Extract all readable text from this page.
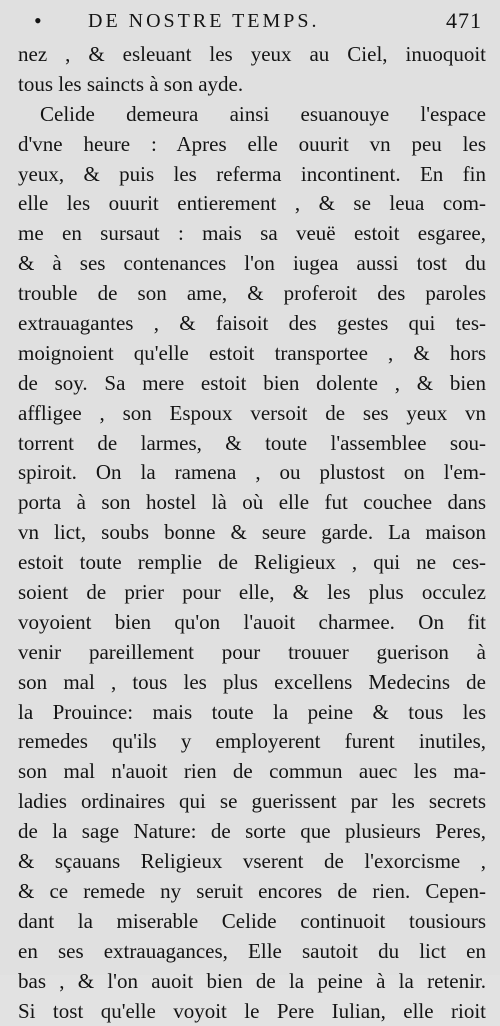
• DE NOSTRE TEMPS.	471
nez , & esleuant les yeux au Ciel, inuoquoit
tous les saincts à son ayde.
Celide demeura ainsi esuanouye l'espace
d'vne heure : Apres elle ouurit vn peu les
yeux, & puis les referma incontinent. En fin
elle les ouurit entierement , & se leua com-
me en sursaut : mais sa veuë estoit esgaree,
& à ses contenances l'on iugea aussi tost du
trouble de son ame, & proferoit des paroles
extrauagantes , & faisoit des gestes qui tes-
moignoient qu'elle estoit transportee , & hors
de soy. Sa mere estoit bien dolente , & bien
affligee , son Espoux versoit de ses yeux vn
torrent de larmes, & toute l'assemblee sou-
spiroit. On la ramena , ou plustost on l'em-
porta à son hostel là où elle fut couchee dans
vn lict, soubs bonne & seure garde. La maison
estoit toute remplie de Religieux , qui ne ces-
soient de prier pour elle, & les plus occulez
voyoient bien qu'on l'auoit charmee. On fit
venir pareillement pour trouuer guerison à
son mal , tous les plus excellens Medecins de
la Prouince: mais toute la peine & tous les
remedes qu'ils y employerent furent inutiles,
son mal n'auoit rien de commun auec les ma-
ladies ordinaires qui se guerissent par les secrets
de la sage Nature: de sorte que plusieurs Peres,
& sçauans Religieux vserent de l'exorcisme ,
& ce remede ny seruit encores de rien. Cepen-
dant la miserable Celide continuoit tousiours
en ses extrauagances, Elle sautoit du lict en
bas , & l'on auoit bien de la peine à la retenir.
Si tost qu'elle voyoit le Pere Iulian, elle rioit
